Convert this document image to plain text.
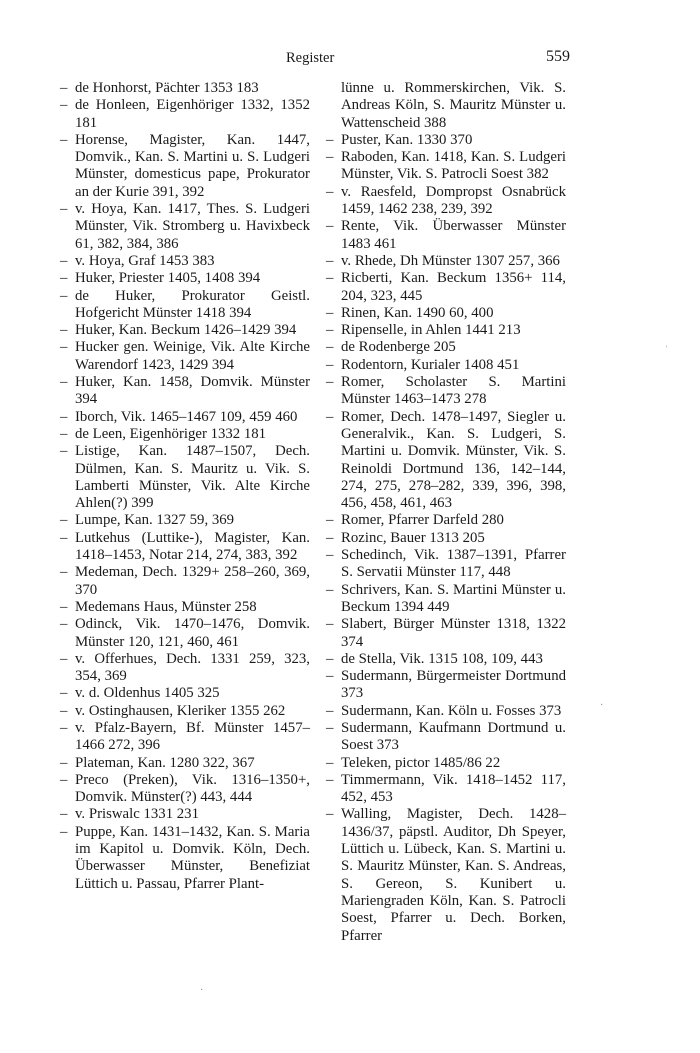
Register	559
– de Honhorst, Pächter 1353 183
– de Honleen, Eigenhöriger 1332, 1352 181
– Horense, Magister, Kan. 1447, Domvik., Kan. S. Martini u. S. Ludgeri Münster, domesticus pape, Prokurator an der Kurie 391, 392
– v. Hoya, Kan. 1417, Thes. S. Ludgeri Münster, Vik. Stromberg u. Havixbeck 61, 382, 384, 386
– v. Hoya, Graf 1453 383
– Huker, Priester 1405, 1408 394
– de Huker, Prokurator Geistl. Hofgericht Münster 1418 394
– Huker, Kan. Beckum 1426–1429 394
– Hucker gen. Weinige, Vik. Alte Kirche Warendorf 1423, 1429 394
– Huker, Kan. 1458, Domvik. Münster 394
– Iborch, Vik. 1465–1467 109, 459 460
– de Leen, Eigenhöriger 1332 181
– Listige, Kan. 1487–1507, Dech. Dülmen, Kan. S. Mauritz u. Vik. S. Lamberti Münster, Vik. Alte Kirche Ahlen(?) 399
– Lumpe, Kan. 1327 59, 369
– Lutkehus (Luttike-), Magister, Kan. 1418–1453, Notar 214, 274, 383, 392
– Medeman, Dech. 1329+ 258–260, 369, 370
– Medemans Haus, Münster 258
– Odinck, Vik. 1470–1476, Domvik. Münster 120, 121, 460, 461
– v. Offerhues, Dech. 1331 259, 323, 354, 369
– v. d. Oldenhus 1405 325
– v. Ostinghausen, Kleriker 1355 262
– v. Pfalz-Bayern, Bf. Münster 1457–1466 272, 396
– Plateman, Kan. 1280 322, 367
– Preco (Preken), Vik. 1316–1350+, Domvik. Münster(?) 443, 444
– v. Priswalc 1331 231
– Puppe, Kan. 1431–1432, Kan. S. Maria im Kapitol u. Domvik. Köln, Dech. Überwasser Münster, Benefiziat Lüttich u. Passau, Pfarrer Plant-
lünne u. Rommerskirchen, Vik. S. Andreas Köln, S. Mauritz Münster u. Wattenscheid 388
– Puster, Kan. 1330 370
– Raboden, Kan. 1418, Kan. S. Ludgeri Münster, Vik. S. Patrocli Soest 382
– v. Raesfeld, Dompropst Osnabrück 1459, 1462 238, 239, 392
– Rente, Vik. Überwasser Münster 1483 461
– v. Rhede, Dh Münster 1307 257, 366
– Ricberti, Kan. Beckum 1356+ 114, 204, 323, 445
– Rinen, Kan. 1490 60, 400
– Ripenselle, in Ahlen 1441 213
– de Rodenberge 205
– Rodentorn, Kurialer 1408 451
– Romer, Scholaster S. Martini Münster 1463–1473 278
– Romer, Dech. 1478–1497, Siegler u. Generalvik., Kan. S. Ludgeri, S. Martini u. Domvik. Münster, Vik. S. Reinoldi Dortmund 136, 142–144, 274, 275, 278–282, 339, 396, 398, 456, 458, 461, 463
– Romer, Pfarrer Darfeld 280
– Rozinc, Bauer 1313 205
– Schedinch, Vik. 1387–1391, Pfarrer S. Servatii Münster 117, 448
– Schrivers, Kan. S. Martini Münster u. Beckum 1394 449
– Slabert, Bürger Münster 1318, 1322 374
– de Stella, Vik. 1315 108, 109, 443
– Sudermann, Bürgermeister Dortmund 373
– Sudermann, Kan. Köln u. Fosses 373
– Sudermann, Kaufmann Dortmund u. Soest 373
– Teleken, pictor 1485/86 22
– Timmermann, Vik. 1418–1452 117, 452, 453
– Walling, Magister, Dech. 1428–1436/37, päpstl. Auditor, Dh Speyer, Lüttich u. Lübeck, Kan. S. Martini u. S. Mauritz Münster, Kan. S. Andreas, S. Gereon, S. Kunibert u. Mariengraden Köln, Kan. S. Patrocli Soest, Pfarrer u. Dech. Borken, Pfarrer
ʾ
·
·
